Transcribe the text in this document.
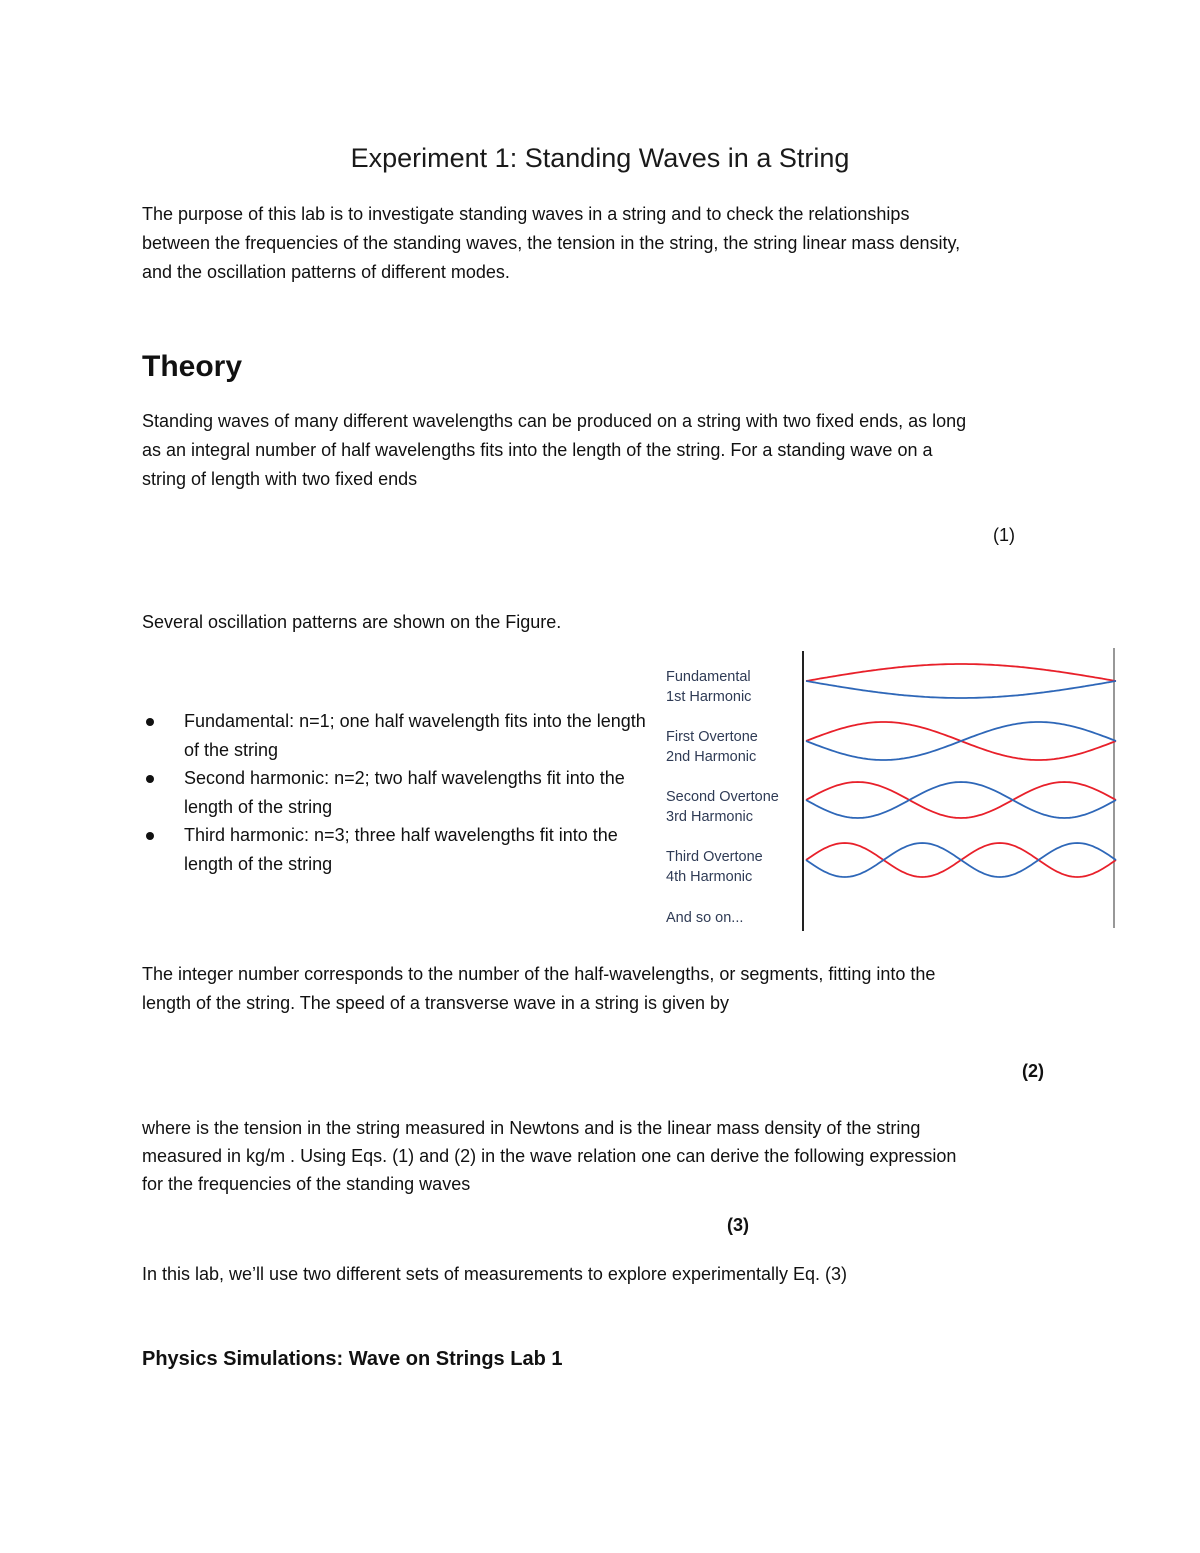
Experiment 1: Standing Waves in a String
The purpose of this lab is to investigate standing waves in a string and to check the relationships
between the frequencies of the standing waves, the tension in the string, the string linear mass density,
and the oscillation patterns of different modes.
Theory
Standing waves of many different wavelengths can be produced on a string with two fixed ends, as long
as an integral number of half wavelengths fits into the length of the string. For a standing wave on a
string of length with two fixed ends
(1)
Several oscillation patterns are shown on the Figure.
Fundamental: n=1; one half wavelength fits into the length of the string
Second harmonic: n=2; two half wavelengths fit into the length of the string
Third harmonic: n=3; three half wavelengths fit into the length of the string
Fundamental
1st Harmonic
First Overtone
2nd Harmonic
Second Overtone
3rd Harmonic
Third Overtone
4th Harmonic
And so on...
The integer number corresponds to the number of the half-wavelengths, or segments, fitting into the
length of the string. The speed of a transverse wave in a string is given by
(2)
where is the tension in the string measured in Newtons and is the linear mass density of the string
measured in kg/m . Using Eqs. (1) and (2) in the wave relation one can derive the following expression
for the frequencies of the standing waves
(3)
In this lab, we’ll use two different sets of measurements to explore experimentally Eq. (3)
Physics Simulations: Wave on Strings Lab 1
